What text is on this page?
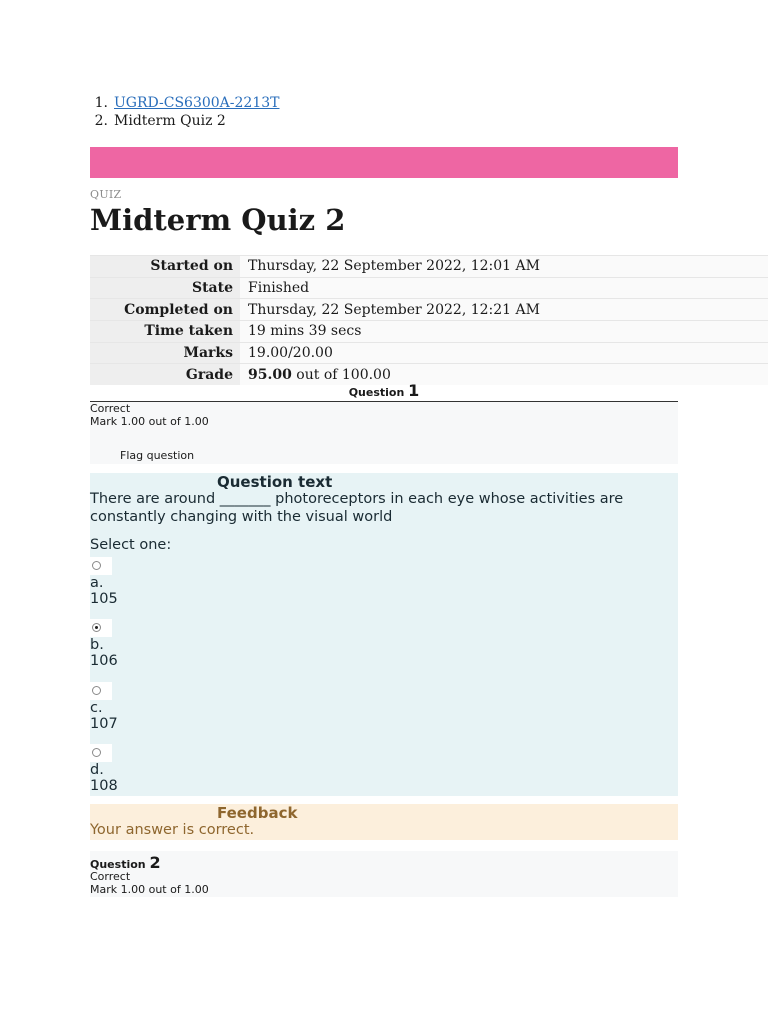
1. UGRD-CS6300A-2213T
2. Midterm Quiz 2
QUIZ
Midterm Quiz 2
Started on	Thursday, 22 September 2022, 12:01 AM
State	Finished
Completed on	Thursday, 22 September 2022, 12:21 AM
Time taken	19 mins 39 secs
Marks	19.00/20.00
Grade	95.00 out of 100.00
Question 1
Correct
Mark 1.00 out of 1.00
Flag question
Question text
There are around _______ photoreceptors in each eye whose activities are constantly changing with the visual world
Select one:
a.
105
b.
106
c.
107
d.
108
Feedback
Your answer is correct.
Question 2
Correct
Mark 1.00 out of 1.00
